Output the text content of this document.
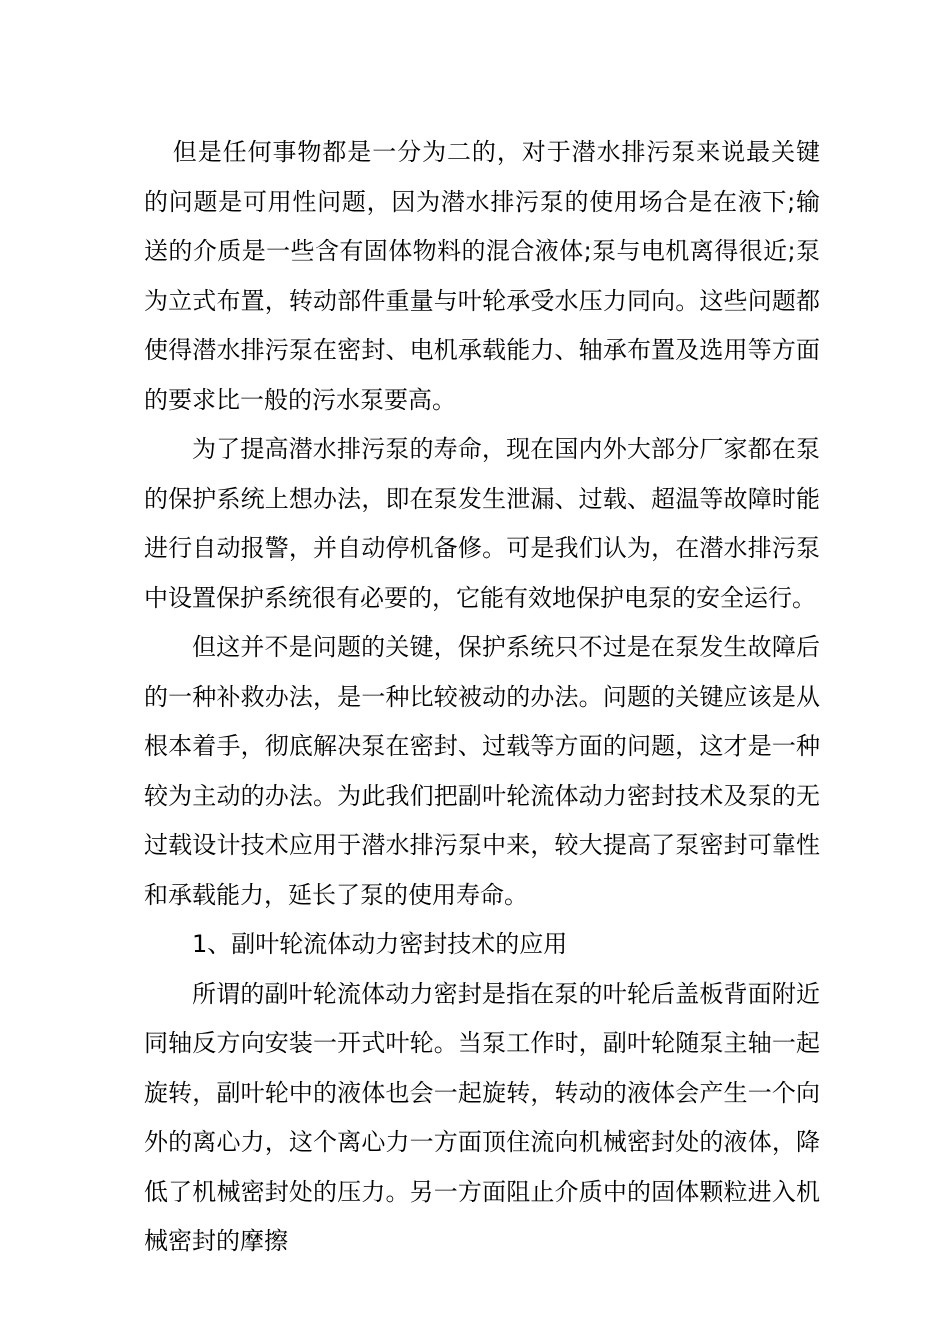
但是任何事物都是一分为二的，对于潜水排污泵来说最关键的问题是可用性问题，因为潜水排污泵的使用场合是在液下;输送的介质是一些含有固体物料的混合液体;泵与电机离得很近;泵为立式布置，转动部件重量与叶轮承受水压力同向。这些问题都使得潜水排污泵在密封、电机承载能力、轴承布置及选用等方面的要求比一般的污水泵要高。

为了提高潜水排污泵的寿命，现在国内外大部分厂家都在泵的保护系统上想办法，即在泵发生泄漏、过载、超温等故障时能进行自动报警，并自动停机备修。可是我们认为，在潜水排污泵中设置保护系统很有必要的，它能有效地保护电泵的安全运行。

但这并不是问题的关键，保护系统只不过是在泵发生故障后的一种补救办法，是一种比较被动的办法。问题的关键应该是从根本着手，彻底解决泵在密封、过载等方面的问题，这才是一种较为主动的办法。为此我们把副叶轮流体动力密封技术及泵的无过载设计技术应用于潜水排污泵中来，较大提高了泵密封可靠性和承载能力，延长了泵的使用寿命。

1、副叶轮流体动力密封技术的应用

所谓的副叶轮流体动力密封是指在泵的叶轮后盖板背面附近同轴反方向安装一开式叶轮。当泵工作时，副叶轮随泵主轴一起旋转，副叶轮中的液体也会一起旋转，转动的液体会产生一个向外的离心力，这个离心力一方面顶住流向机械密封处的液体，降低了机械密封处的压力。另一方面阻止介质中的固体颗粒进入机械密封的摩擦
